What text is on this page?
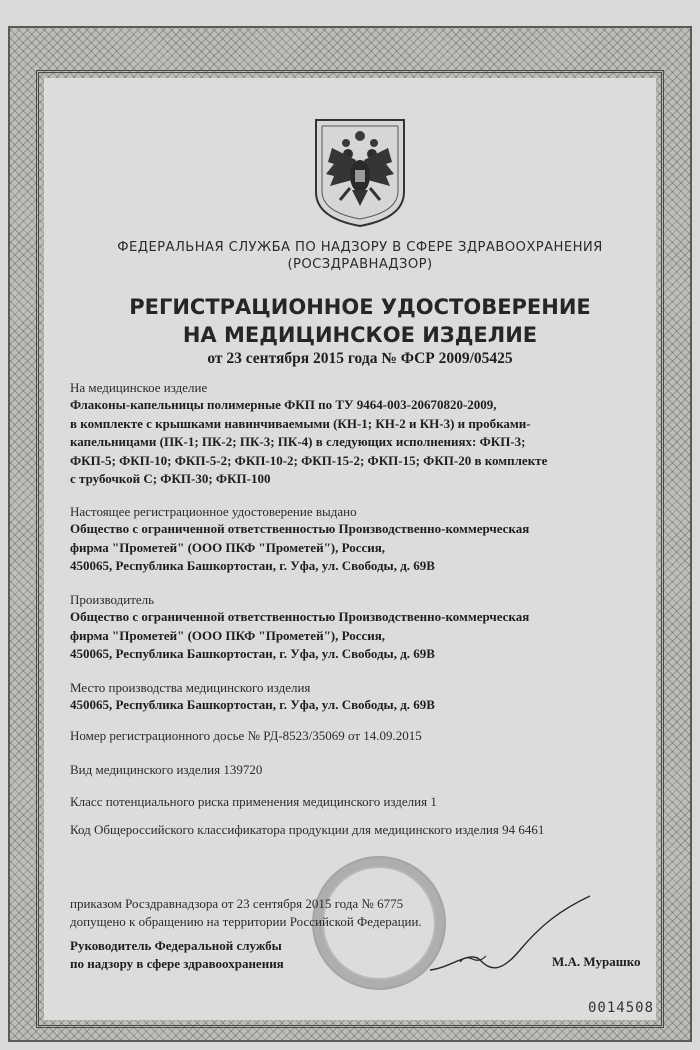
ФЕДЕРАЛЬНАЯ СЛУЖБА ПО НАДЗОРУ В СФЕРЕ ЗДРАВООХРАНЕНИЯ
(РОСЗДРАВНАДЗОР)
РЕГИСТРАЦИОННОЕ УДОСТОВЕРЕНИЕ
НА МЕДИЦИНСКОЕ ИЗДЕЛИЕ
от 23 сентября 2015 года № ФСР 2009/05425
На медицинское изделие
Флаконы-капельницы полимерные ФКП по ТУ 9464-003-20670820-2009,
в комплекте с крышками навинчиваемыми (КН-1; КН-2 и КН-3) и пробками-
капельницами (ПК-1; ПК-2; ПК-3; ПК-4) в следующих исполнениях: ФКП-3;
ФКП-5; ФКП-10; ФКП-5-2; ФКП-10-2; ФКП-15-2; ФКП-15; ФКП-20 в комплекте
с трубочкой С; ФКП-30; ФКП-100
Настоящее регистрационное удостоверение выдано
Общество с ограниченной ответственностью Производственно-коммерческая
фирма "Прометей" (ООО ПКФ "Прометей"), Россия,
450065, Республика Башкортостан, г. Уфа, ул. Свободы, д. 69В
Производитель
Общество с ограниченной ответственностью Производственно-коммерческая
фирма "Прометей" (ООО ПКФ "Прометей"), Россия,
450065, Республика Башкортостан, г. Уфа, ул. Свободы, д. 69В
Место производства медицинского изделия
450065, Республика Башкортостан, г. Уфа, ул. Свободы, д. 69В
Номер регистрационного досье № РД-8523/35069 от 14.09.2015
Вид медицинского изделия 139720
Класс потенциального риска применения медицинского изделия 1
Код Общероссийского классификатора продукции для медицинского изделия 94 6461
приказом Росздравнадзора от 23 сентября 2015 года № 6775
допущено к обращению на территории Российской Федерации.
Руководитель Федеральной службы
по надзору в сфере здравоохранения	М.А. Мурашко
0014508
